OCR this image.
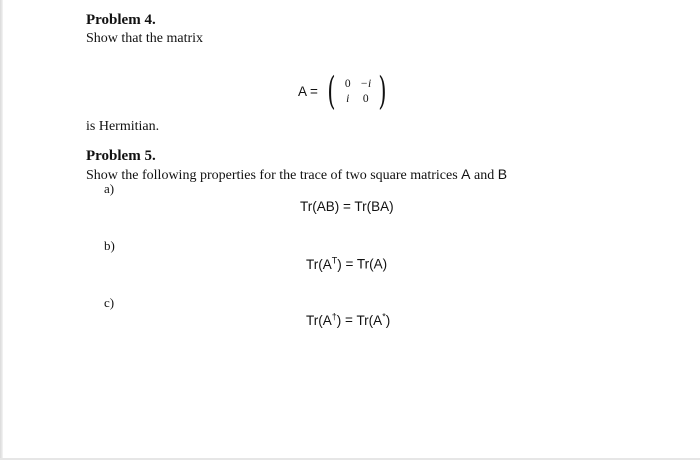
Problem 4.
Show that the matrix
A = ( 0 −i
i	0 )
is Hermitian.
Problem 5.
Show the following properties for the trace of two square matrices A and B
a)
Tr(AB) = Tr(BA)
b)
$Tr(A^T) = Tr(A)$
c)
Tr(A†) = Tr(A*)
